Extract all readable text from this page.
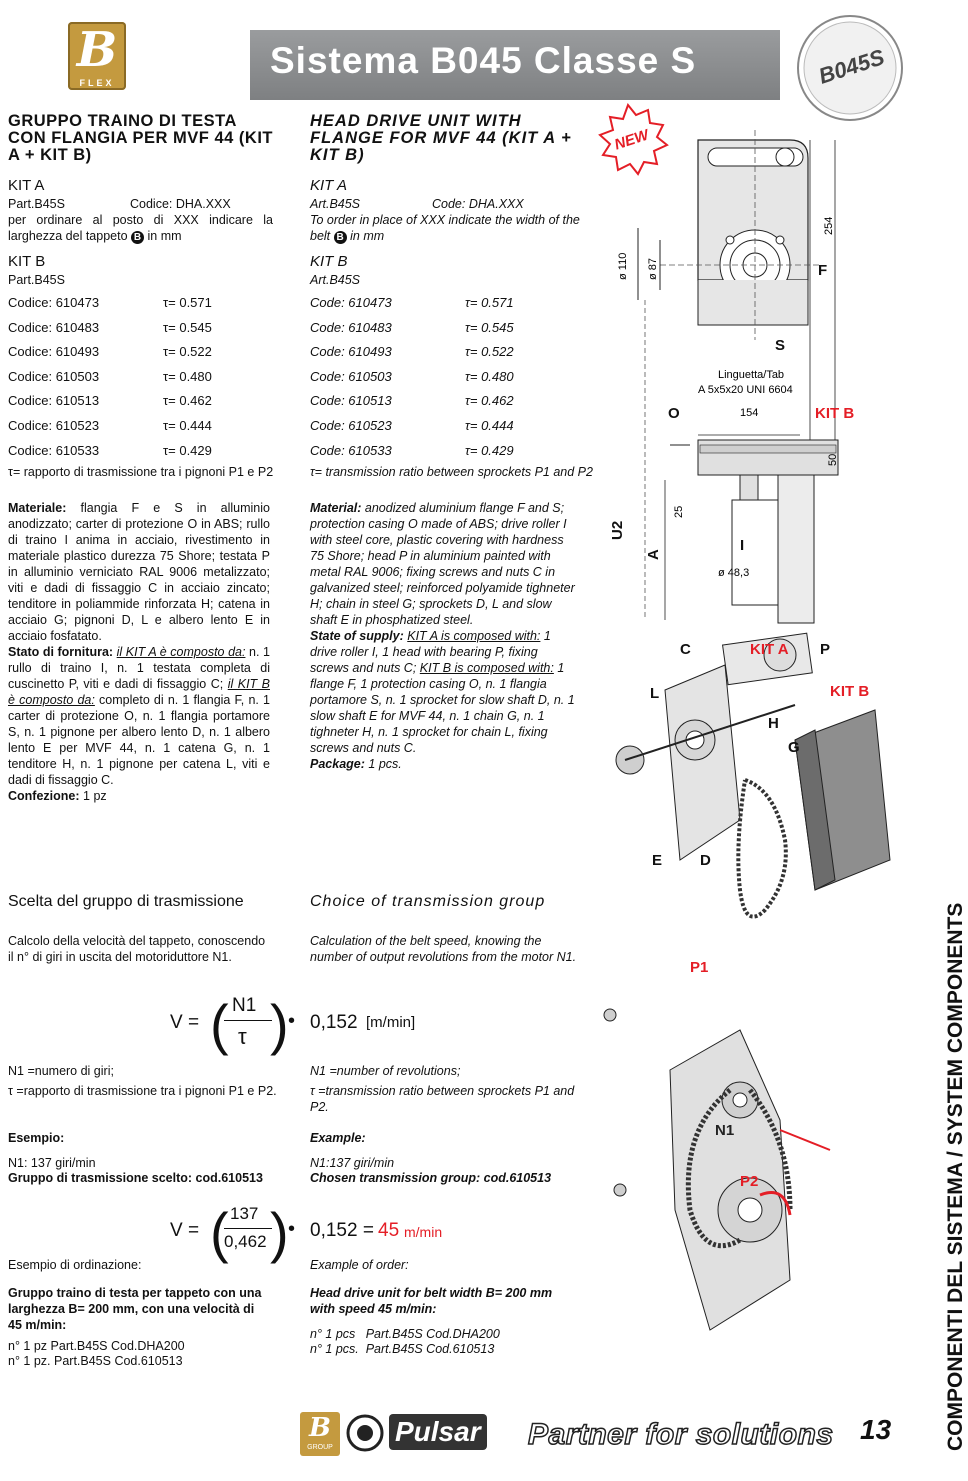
B
FLEX
Sistema B045 Classe S	B045S
GRUPPO TRAINO DI TESTA CON FLANGIA PER MVF 44 (KIT A + KIT B)
KIT A
Part.B45S	Codice: DHA.XXX
per ordinare al posto di XXX indicare la larghezza del tappeto B in mm
KIT B
Part.B45S
Codice: 610473	τ= 0.571
Codice: 610483	τ= 0.545
Codice: 610493	τ= 0.522
Codice: 610503	τ= 0.480
Codice: 610513	τ= 0.462
Codice: 610523	τ= 0.444
Codice: 610533	τ= 0.429
τ= rapporto di trasmissione tra i pignoni P1 e P2
Materiale: flangia F e S in alluminio anodizzato; carter di protezione O in ABS; rullo di traino I anima in acciaio, rivestimento in materiale plastico durezza 75 Shore; testata P in alluminio verniciato RAL 9006 metalizzato; viti e dadi di fissaggio C in acciaio zincato; tenditore in poliammide rinforzata H; catena in acciaio G; pignoni D, L e albero lento E in acciaio fosfatato.
Stato di fornitura: il KIT A è composto da: n. 1 rullo di traino I, n. 1 testata completa di cuscinetto P, viti e dadi di fissaggio C; il KIT B è composto da: completo di n. 1 flangia F, n. 1 carter di protezione O, n. 1 flangia portamore S, n. 1 pignone per albero lento D, n. 1 albero lento E per MVF 44, n. 1 catena G, n. 1 tenditore H, n. 1 pignone per catena L, viti e dadi di fissaggio C.
Confezione: 1 pz
HEAD DRIVE UNIT WITH FLANGE FOR MVF 44 (KIT A + KIT B)
KIT A
Art.B45S	Code: DHA.XXX
To order in place of XXX indicate the width of the belt B in mm
KIT B
Art.B45S
Code: 610473	τ= 0.571
Code: 610483	τ= 0.545
Code: 610493	τ= 0.522
Code: 610503	τ= 0.480
Code: 610513	τ= 0.462
Code: 610523	τ= 0.444
Code: 610533	τ= 0.429
τ= transmission ratio between sprockets P1 and P2
Material: anodized aluminium flange F and S; protection casing O made of ABS; drive roller I with steel core, plastic covering with hardness 75 Shore; head P in aluminium painted with metal RAL 9006; fixing screws and nuts C in galvanized steel; reinforced polyamide tighneter H; chain in steel G; sprockets D, L and slow shaft E in phosphatized steel.
State of supply: KIT A is composed with: 1 drive roller I, 1 head with bearing P, fixing screws and nuts C; KIT B is composed with: 1 flange F, 1 protection casing O, n. 1 flangia portamore S, n. 1 sprocket for slow shaft D, n. 1 slow shaft E for MVF 44, n. 1 chain G, n. 1 tighneter H, n. 1 sprocket for chain L, fixing screws and nuts C.
Package: 1 pcs.
Scelta del gruppo di trasmissione	Choice of transmission group
Calcolo della velocità del tappeto, conoscendo il n° di giri in uscita del motoriduttore N1.
Calculation of the belt speed, knowing the number of output revolutions from the motor N1.
V = ( N1
τ ) • 0,152 [m/min]
N1 =numero di giri;
τ =rapporto di trasmissione tra i pignoni P1 e P2.
N1 =number of revolutions;
τ =transmission ratio between sprockets P1 and P2.
Esempio:	Example:
N1: 137 giri/min
Gruppo di trasmissione scelto: cod.610513
N1:137 giri/min
Chosen transmission group: cod.610513
V = ( 137
0,462 ) • 0,152 = 45 m/min
Esempio di ordinazione:	Example of order:
Gruppo traino di testa per tappeto con una larghezza B= 200 mm, con una velocità di 45 m/min:
Head drive unit for belt width B= 200 mm with speed 45 m/min:
n° 1 pz Part.B45S Cod.DHA200
n° 1 pz. Part.B45S Cod.610513
n° 1 pcs   Part.B45S Cod.DHA200
n° 1 pcs.  Part.B45S Cod.610513
NEW
ø 110 ø 87
254
F
S
Linguetta/Tab
A 5x5x20 UNI 6604
154
O
50
25
U2
A
I
ø 48,3
KIT B
KIT A
KIT B
C	P
L
H
G
E	D
P1
N1
P2	COMPONENTI DEL SISTEMA / SYSTEM COMPONENTS
B
GROUP
Pulsar Partner for solutions 13
